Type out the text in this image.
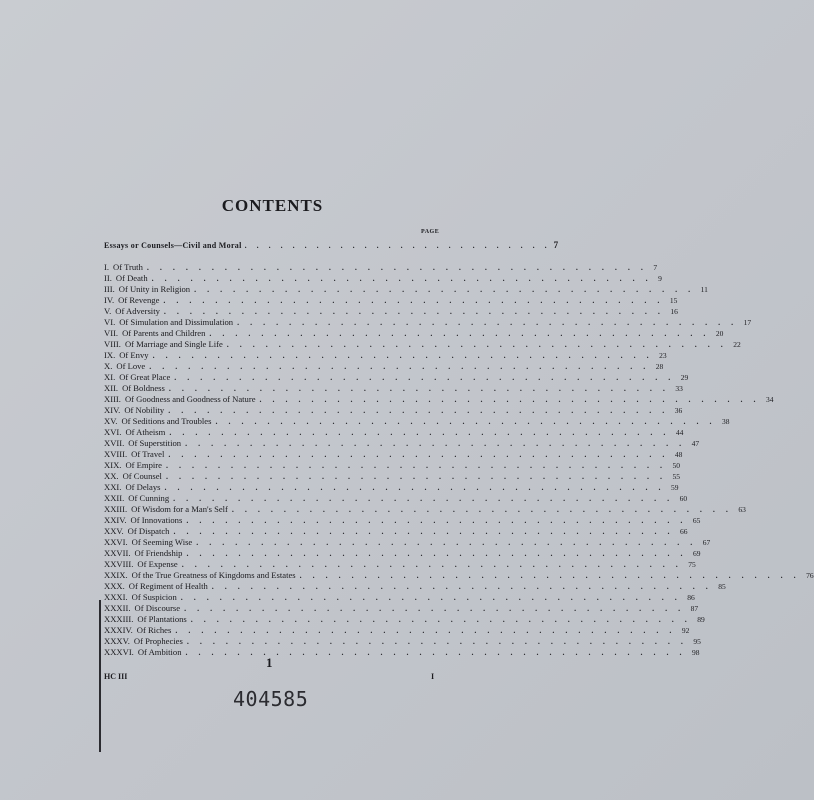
CONTENTS
PAGE
Essays or Counsels—Civil and Moral . . . . . . . . . . . . . . . . . . . . . . . . . . 7
I. Of Truth . . . . . . . . . . . . . . . . . . . . . . . . . . . . . . . . . . . . . . . 7
II. Of Death . . . . . . . . . . . . . . . . . . . . . . . . . . . . . . . . . . . . . . . 9
III. Of Unity in Religion . . . . . . . . . . . . . . . . . . . . . . . . . . . . . . . . . . . . . . . 11
IV. Of Revenge . . . . . . . . . . . . . . . . . . . . . . . . . . . . . . . . . . . . . . . 15
V. Of Adversity . . . . . . . . . . . . . . . . . . . . . . . . . . . . . . . . . . . . . . . 16
VI. Of Simulation and Dissimulation . . . . . . . . . . . . . . . . . . . . . . . . . . . . . . . . . . . . . . . 17
VII. Of Parents and Children . . . . . . . . . . . . . . . . . . . . . . . . . . . . . . . . . . . . . . . 20
VIII. Of Marriage and Single Life . . . . . . . . . . . . . . . . . . . . . . . . . . . . . . . . . . . . . . . 22
IX. Of Envy . . . . . . . . . . . . . . . . . . . . . . . . . . . . . . . . . . . . . . . 23
X. Of Love . . . . . . . . . . . . . . . . . . . . . . . . . . . . . . . . . . . . . . . 28
XI. Of Great Place . . . . . . . . . . . . . . . . . . . . . . . . . . . . . . . . . . . . . . . 29
XII. Of Boldness . . . . . . . . . . . . . . . . . . . . . . . . . . . . . . . . . . . . . . . 33
XIII. Of Goodness and Goodness of Nature . . . . . . . . . . . . . . . . . . . . . . . . . . . . . . . . . . . . . . . 34
XIV. Of Nobility . . . . . . . . . . . . . . . . . . . . . . . . . . . . . . . . . . . . . . . 36
XV. Of Seditions and Troubles . . . . . . . . . . . . . . . . . . . . . . . . . . . . . . . . . . . . . . . 38
XVI. Of Atheism . . . . . . . . . . . . . . . . . . . . . . . . . . . . . . . . . . . . . . . 44
XVII. Of Superstition . . . . . . . . . . . . . . . . . . . . . . . . . . . . . . . . . . . . . . . 47
XVIII. Of Travel . . . . . . . . . . . . . . . . . . . . . . . . . . . . . . . . . . . . . . . 48
XIX. Of Empire . . . . . . . . . . . . . . . . . . . . . . . . . . . . . . . . . . . . . . . 50
XX. Of Counsel . . . . . . . . . . . . . . . . . . . . . . . . . . . . . . . . . . . . . . . 55
XXI. Of Delays . . . . . . . . . . . . . . . . . . . . . . . . . . . . . . . . . . . . . . . 59
XXII. Of Cunning . . . . . . . . . . . . . . . . . . . . . . . . . . . . . . . . . . . . . . . 60
XXIII. Of Wisdom for a Man's Self . . . . . . . . . . . . . . . . . . . . . . . . . . . . . . . . . . . . . . . 63
XXIV. Of Innovations . . . . . . . . . . . . . . . . . . . . . . . . . . . . . . . . . . . . . . . 65
XXV. Of Dispatch . . . . . . . . . . . . . . . . . . . . . . . . . . . . . . . . . . . . . . . 66
XXVI. Of Seeming Wise . . . . . . . . . . . . . . . . . . . . . . . . . . . . . . . . . . . . . . . 67
XXVII. Of Friendship . . . . . . . . . . . . . . . . . . . . . . . . . . . . . . . . . . . . . . . 69
XXVIII. Of Expense . . . . . . . . . . . . . . . . . . . . . . . . . . . . . . . . . . . . . . . 75
XXIX. Of the True Greatness of Kingdoms and Estates . . . . . . . . . . . . . . . . . . . . . . . . . . . . . . . . . . . . . . . 76
XXX. Of Regiment of Health . . . . . . . . . . . . . . . . . . . . . . . . . . . . . . . . . . . . . . . 85
XXXI. Of Suspicion . . . . . . . . . . . . . . . . . . . . . . . . . . . . . . . . . . . . . . . 86
XXXII. Of Discourse . . . . . . . . . . . . . . . . . . . . . . . . . . . . . . . . . . . . . . . 87
XXXIII. Of Plantations . . . . . . . . . . . . . . . . . . . . . . . . . . . . . . . . . . . . . . . 89
XXXIV. Of Riches . . . . . . . . . . . . . . . . . . . . . . . . . . . . . . . . . . . . . . . 92
XXXV. Of Prophecies . . . . . . . . . . . . . . . . . . . . . . . . . . . . . . . . . . . . . . . 95
XXXVI. Of Ambition . . . . . . . . . . . . . . . . . . . . . . . . . . . . . . . . . . . . . . . 98
1
HC III	I
404585
